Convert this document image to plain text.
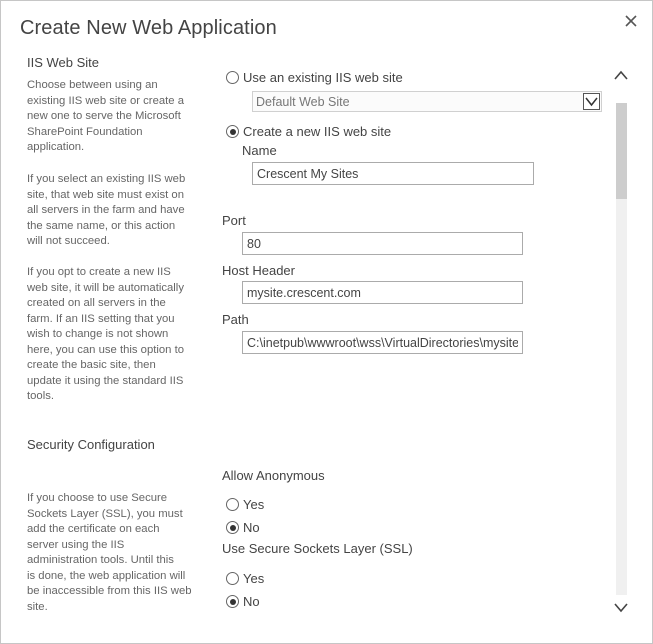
Create New Web Application
IIS Web Site
Choose between using an
existing IIS web site or create a
new one to serve the Microsoft
SharePoint Foundation
application.
If you select an existing IIS web
site, that web site must exist on
all servers in the farm and have
the same name, or this action
will not succeed.
If you opt to create a new IIS
web site, it will be automatically
created on all servers in the
farm. If an IIS setting that you
wish to change is not shown
here, you can use this option to
create the basic site, then
update it using the standard IIS
tools.
Use an existing IIS web site
Default Web Site
Create a new IIS web site
Name
Crescent My Sites
Port
80
Host Header
mysite.crescent.com
Path
C:\inetpub\wwwroot\wss\VirtualDirectories\mysite.crescent.com80
Security Configuration
If you choose to use Secure
Sockets Layer (SSL), you must
add the certificate on each
server using the IIS
administration tools. Until this
is done, the web application will
be inaccessible from this IIS web
site.
Allow Anonymous
Yes
No
Use Secure Sockets Layer (SSL)
Yes
No
